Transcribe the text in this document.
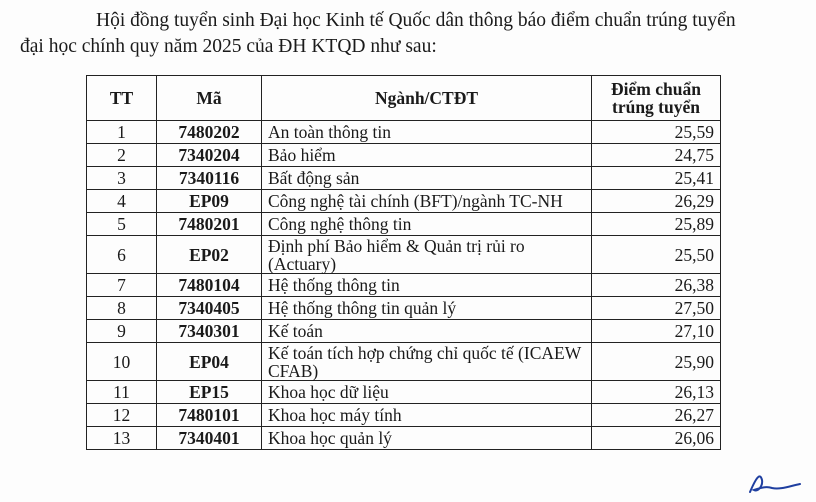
Hội đồng tuyển sinh Đại học Kinh tế Quốc dân thông báo điểm chuẩn trúng tuyển
đại học chính quy năm 2025 của ĐH KTQD như sau:
TT	Mã	Ngành/CTĐT	Điểm chuẩn trúng tuyển
1	7480202	An toàn thông tin	25,59
2	7340204	Bảo hiểm	24,75
3	7340116	Bất động sản	25,41
4	EP09	Công nghệ tài chính (BFT)/ngành TC-NH	26,29
5	7480201	Công nghệ thông tin	25,89
6	EP02	Định phí Bảo hiểm & Quản trị rủi ro (Actuary)	25,50
7	7480104	Hệ thống thông tin	26,38
8	7340405	Hệ thống thông tin quản lý	27,50
9	7340301	Kế toán	27,10
10	EP04	Kế toán tích hợp chứng chỉ quốc tế (ICAEW CFAB)	25,90
11	EP15	Khoa học dữ liệu	26,13
12	7480101	Khoa học máy tính	26,27
13	7340401	Khoa học quản lý	26,06
